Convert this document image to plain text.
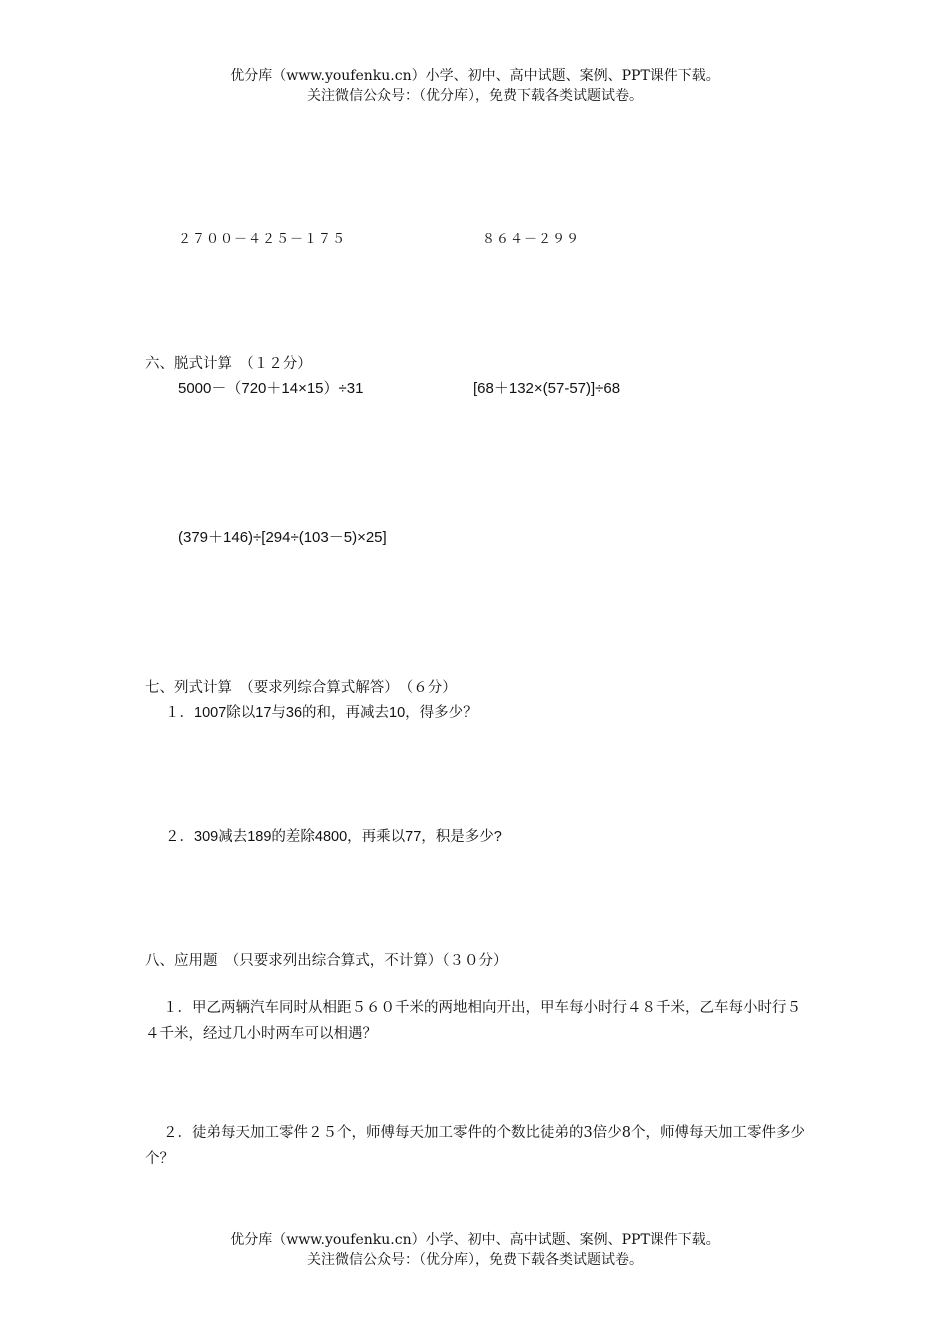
优分库（www.youfenku.cn）小学、初中、高中试题、案例、PPT课件下载。
关注微信公众号：（优分库），免费下载各类试题试卷。
２７００－４２５－１７５	８６４－２９９
六、脱式计算　（１２分）
5000－（720＋14×15）÷31	[68＋132×(57-57)]÷68
(379＋146)÷[294÷(103－5)×25]
七、列式计算　（要求列综合算式解答）　（６分）
１．1007除以17与36的和，再减去10，得多少？
２．309减去189的差除4800，再乘以77，积是多少?
八、应用题　（只要求列出综合算式，不计算）（３０分）
１．甲乙两辆汽车同时从相距５６０千米的两地相向开出，甲车每小时行４８千米，乙车每小时行５４千米，经过几小时两车可以相遇？
２．徒弟每天加工零件２５个，师傅每天加工零件的个数比徒弟的3倍少8个，师傅每天加工零件多少个？
优分库（www.youfenku.cn）小学、初中、高中试题、案例、PPT课件下载。
关注微信公众号：（优分库），免费下载各类试题试卷。
